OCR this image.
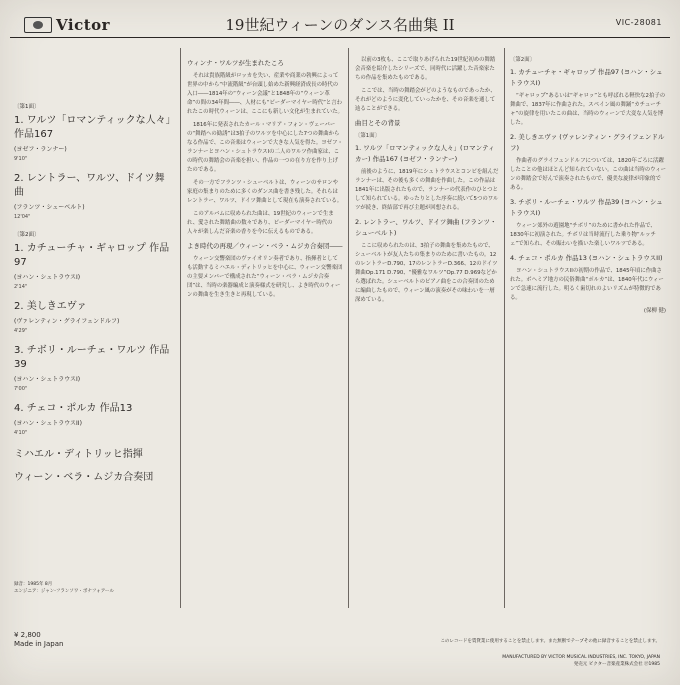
Victor	19世紀ウィーンのダンス名曲集 II	VIC-28081
〔第1面〕
1. ワルツ「ロマンティックな人々」
作品167
(ヨゼフ・ランナー)
9'10"
2. レントラー、ワルツ、ドイツ舞曲
(フランツ・シューベルト)
12'04"
〔第2面〕
1. カチューチャ・ギャロップ 作品97
(ヨハン・シュトラウスI)
2'14"
2. 美しきエヴァ
(ヴァレンティン・グライフェンドルフ)
4'29"
3. チボリ・ルーチェ・ワルツ 作品39
(ヨハン・シュトラウスI)
7'00"
4. チェコ・ポルカ 作品13
(ヨハン・シュトラウスII)
4'10"
ミハエル・ディトリッヒ指揮
ウィーン・ベラ・ムジカ合奏団
録音：1985年 8月
エンジニア：ジャン-フランソワ・ボナフォアール
¥ 2,800
Made in Japan
ウィンナ・ワルツが生まれたころ

それは貴族階級がロッカを失い、産業や商業の勃興によって世界の中から“中流階級”が台頭し始めた新興経済成長の時代の入口――1814年の“ウィーン会議”と1848年の“ウィーン革命”の間の34年間――、人材にも“ビーダーマイヤー時代”と言われたこの時代ウィーンは、ここにも新しい文化が生まれていた。

1816年に発表されたカール・マリア・フォン・ヴェーバーの“舞踏への勧誘”は3拍子のワルツを中心にした7つの舞曲からなる作品で、この音楽はウィーンで大きな人気を得た。ヨゼフ・ランナーとヨハン・シュトラウスIの二人のワルツ作曲家は、この時代の舞踏会の音楽を担い、作品の一つの在り方を作り上げたのである。

その一方でフランツ・シューベルトは、ウィーンのサロンや家庭の集まりのために多くのダンス曲を書き残した。それらはレントラー、ワルツ、ドイツ舞曲として現在も演奏されている。

このアルバムに収められた曲は、19世紀のウィーンで生まれ、愛された舞踏曲の数々であり、ビーダーマイヤー時代の人々が楽しんだ音楽の香りを今に伝えるものである。

よき時代の再現／ウィーン・ベラ・ムジカ合奏団――

ウィーン交響楽団のヴァイオリン奏者であり、指揮者としても活動するミハエル・ディトリッヒを中心に、ウィーン交響楽団の主要メンバーで構成された“ウィーン・ベラ・ムジカ合奏団”は、当時の楽器編成と演奏様式を研究し、よき時代のウィーンの舞曲を生き生きと再現している。

以前の3枚も、ここで取りあげられた19世紀初めの舞踏会音楽を紹介したシリーズで、同時代に活躍した音楽家たちの作品を集めたものである。

ここでは、当時の舞踏会がどのようなものであったか、それがどのように変化していったかを、その音楽を通して辿ることができる。

曲目とその背景
〔第1面〕
1. ワルツ「ロマンティックな人々」(ロマンティカー) 作品167 (ヨゼフ・ランナー)

前後のように、1819年にシュトラウスとコンビを組んだランナーは、その後も多くの舞曲を作曲した。この作品は1841年に出版されたもので、ランナーの代表作のひとつとして知られている。ゆったりとした序奏に続いて5つのワルツが続き、終結部で再び主題が回想される。

2. レントラー、ワルツ、ドイツ舞曲 (フランツ・シューベルト)

ここに収められたのは、3拍子の舞曲を集めたもので、シューベルトが友人たちの集まりのために書いたもの。12のレントラーD.790、17のレントラーD.366、12のドイツ舞曲Op.171 D.790、“優雅なワルツ”Op.77 D.969などから選ばれた。シューベルトのピアノ曲をこの合奏団のために編曲したもので、ウィーン風の演奏がその味わいを一層深めている。

〔第2面〕
1. カチューチャ・ギャロップ 作品97 (ヨハン・シュトラウスI)

“ギャロップ”あるいは“ギャロッ”とも呼ばれる軽快な2拍子の舞曲で、1837年に作曲された。スペイン風の舞踊“カチューチャ”の旋律を用いたこの曲は、当時のウィーンで大変な人気を博した。

2. 美しきエヴァ (ヴァレンティン・グライフェンドルフ)

作曲者のグライフェンドルフについては、1820年ごろに活躍したことの他はほとんど知られていない。この曲は当時のウィーンの舞踏会で好んで演奏されたもので、優美な旋律が印象的である。

3. チボリ・ルーチェ・ワルツ 作品39 (ヨハン・シュトラウスI)

ウィーン郊外の遊園地“チボリ”のために書かれた作品で、1830年に初演された。チボリは当時流行した乗り物“ルッチェ”で知られ、その賑わいを描いた楽しいワルツである。

4. チェコ・ポルカ 作品13 (ヨハン・シュトラウスII)

ヨハン・シュトラウスIIの初期の作品で、1845年頃に作曲された。ボヘミア地方の民俗舞曲“ポルカ”は、1840年代にウィーンで急速に流行した。明るく歯切れのよいリズムが特徴的である。

(保柳 健)
このレコードを賃貸業に使用することを禁止します。また無断でテープその他に録音することを禁止します。
MANUFACTURED BY VICTOR MUSICAL INDUSTRIES, INC. TOKYO, JAPAN
発売元 ビクター音楽産業株式会社 Ⓟ1985
